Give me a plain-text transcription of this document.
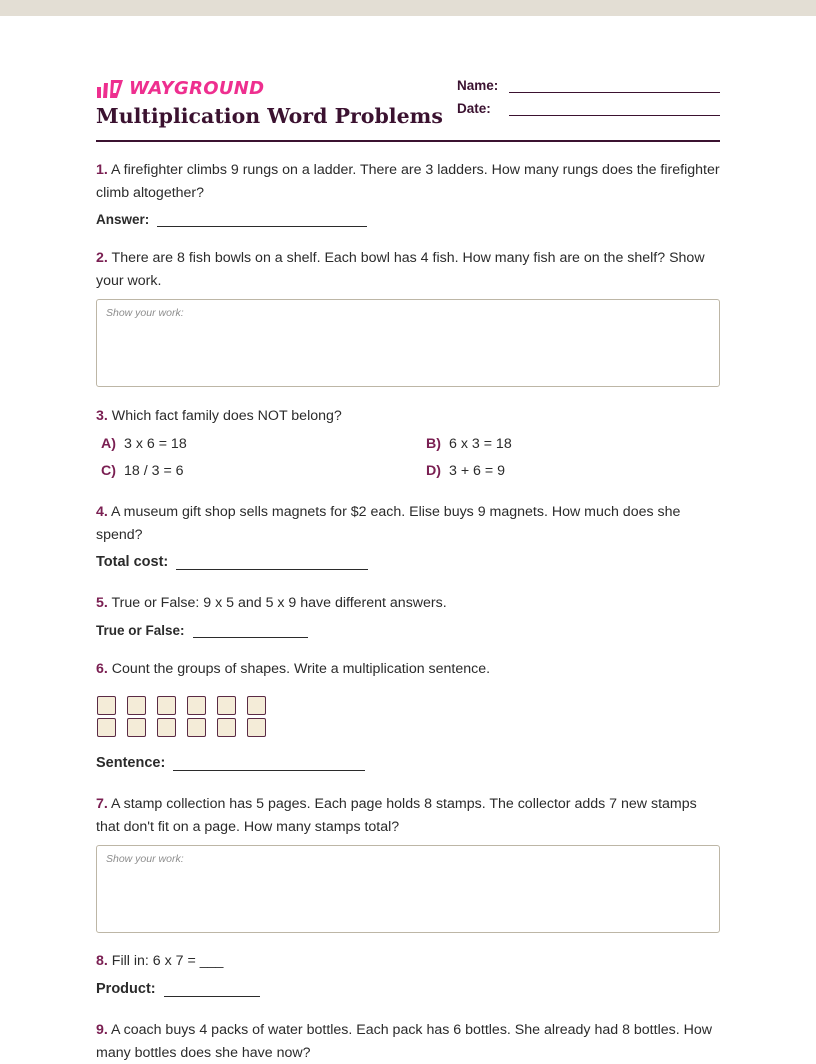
WAYGROUND
Multiplication Word Problems
Name:
Date:
1. A firefighter climbs 9 rungs on a ladder. There are 3 ladders. How many rungs does the firefighter climb altogether?
Answer:
2. There are 8 fish bowls on a shelf. Each bowl has 4 fish. How many fish are on the shelf? Show your work.
Show your work:
3. Which fact family does NOT belong?
A) 3 x 6 = 18	B) 6 x 3 = 18
C) 18 / 3 = 6	D) 3 + 6 = 9
4. A museum gift shop sells magnets for $2 each. Elise buys 9 magnets. How much does she spend?
Total cost:
5. True or False: 9 x 5 and 5 x 9 have different answers.
True or False:
6. Count the groups of shapes. Write a multiplication sentence.
Sentence:
7. A stamp collection has 5 pages. Each page holds 8 stamps. The collector adds 7 new stamps that don't fit on a page. How many stamps total?
Show your work:
8. Fill in: 6 x 7 = ___
Product:
9. A coach buys 4 packs of water bottles. Each pack has 6 bottles. She already had 8 bottles. How many bottles does she have now?
